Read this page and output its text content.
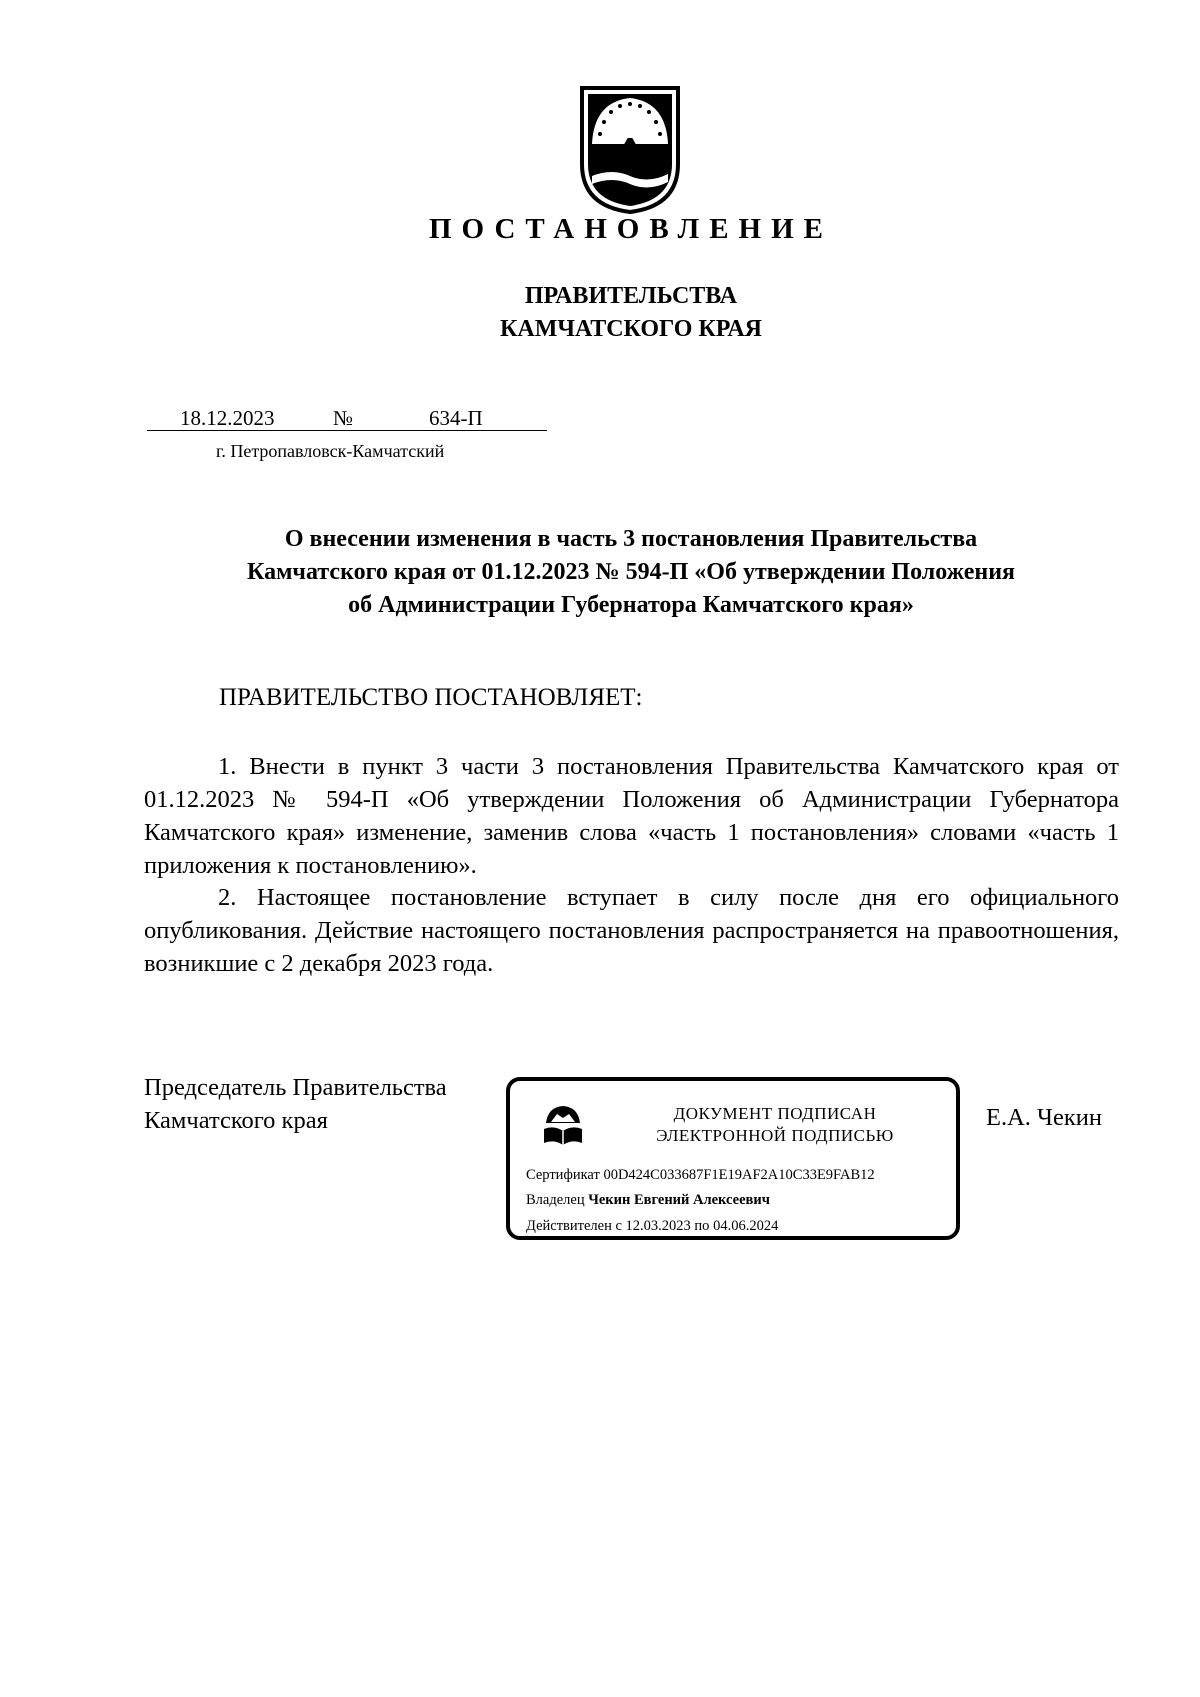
ПОСТАНОВЛЕНИЕ
ПРАВИТЕЛЬСТВА
КАМЧАТСКОГО КРАЯ
18.12.2023	№	634-П
г. Петропавловск-Камчатский
О внесении изменения в часть 3 постановления Правительства
Камчатского края от 01.12.2023 № 594-П «Об утверждении Положения
об Администрации Губернатора Камчатского края»
ПРАВИТЕЛЬСТВО ПОСТАНОВЛЯЕТ:
1. Внести в пункт 3 части 3 постановления Правительства Камчатского края от 01.12.2023 № 594-П «Об утверждении Положения об Администрации Губернатора Камчатского края» изменение, заменив слова «часть 1 постановления» словами «часть 1 приложения к постановлению».
2. Настоящее постановление вступает в силу после дня его официального опубликования. Действие настоящего постановления распространяется на правоотношения, возникшие с 2 декабря 2023 года.
Председатель Правительства
Камчатского края	ДОКУМЕНТ ПОДПИСАН
ЭЛЕКТРОННОЙ ПОДПИСЬЮ
Сертификат 00D424C033687F1E19AF2A10C33E9FAB12
Владелец Чекин Евгений Алексеевич
Действителен с 12.03.2023 по 04.06.2024
Е.А. Чекин
